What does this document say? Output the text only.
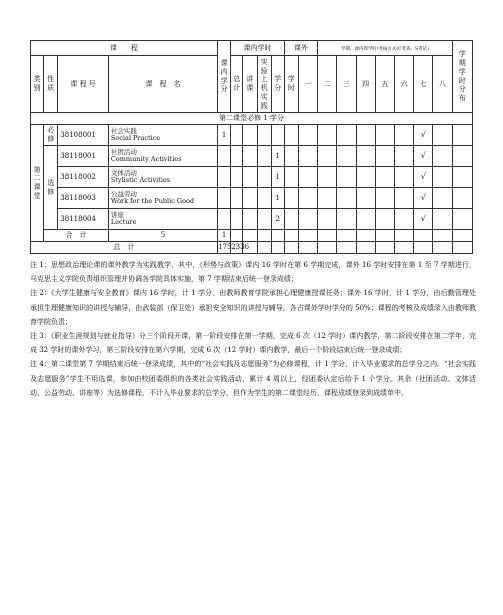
课　　程				课内学分	课内学时				课外		学期、课内周学时/考核方式(C考查、S考试)							学期学时分布
类别	性质	课 程 号	课　程　名		总计	讲课	实验上机实践	学分	学时	一	二	三	四	五	六	七	八	
第二课堂必修 1 学分																		
第二课堂	必修	38108001	社会实践
Social Practice	1												√		
	选修	38118001	社团活动
Community Activities					1								√		
		38118002	文体活动
Stylistic Activities					1								√		
		38118003	公益劳动
Work for the Public Good					1								√		
		38118004	讲座
Lecture					2								√		
	合　计		5	1														
总　计				175	2336													

注 1：思想政治理论课的课外教学为实践教学，其中，《形势与政策》课内 16 学时在第 6 学期完成，课外 16 学时安排在第 1 至 7 学期进行，马克思主义学院负责组织管理并协调各学院具体实施，第 7 学期结束后统一登录成绩；

注 2：《大学生健康与安全教育》课内 16 学时，计 1 学分，由教师教育学院承担心理健康授课任务；课外 16 学时，计 1 学分，由后勤管理处承担生理健康知识的讲授与辅导，由武装部（保卫处）承担安全知识的讲授与辅导，各占课外学时学分的 50%；课程的考核及成绩录入由教师教育学院负责；

注 3：《职业生涯规划与就业指导》分三个阶段开课，第一阶段安排在第一学期，完成 6 次（12 学时）课内教学，第二阶段安排在第二学年，完成 32 学时的课外学习，第三阶段安排在第六学期，完成 6 次（12 学时）课内教学，最后一个阶段结束后统一登录成绩；

注 4：第二课堂第 7 学期结束后统一登录成绩，其中的“社会实践及志愿服务”为必修课程，计 1 学分，计入毕业要求的总学分之内。“社会实践及志愿服务”学生不用选课，参加由校团委组织的各类社会实践活动，累计 4 周以上，经团委认定后给予 1 个学分。其余（社团活动、文体活动、公益劳动、讲座等）为选修课程，不计入毕业要求的总学分，但作为学生的第二课堂经历，课程成绩登录到成绩单中。
